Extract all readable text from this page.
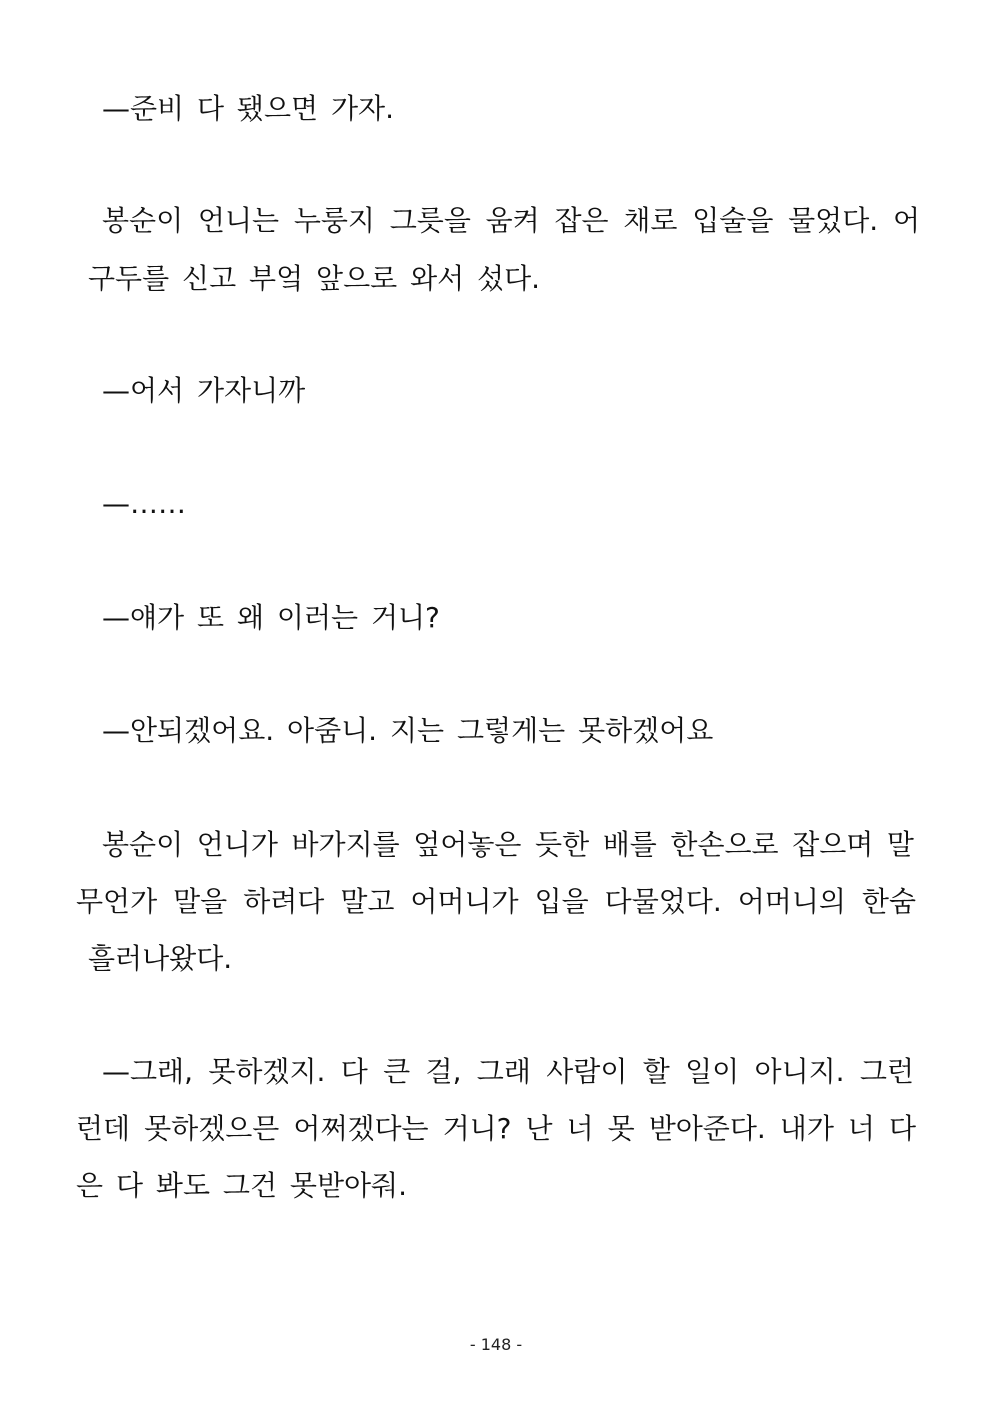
—준비 다 됐으면 가자.
봉순이 언니는 누룽지 그릇을 움켜 잡은 채로 입술을 물었다. 어
구두를 신고 부엌 앞으로 와서 섰다.
—어서 가자니까
—……
—얘가 또 왜 이러는 거니?
—안되겠어요. 아줌니. 지는 그렇게는 못하겠어요
봉순이 언니가 바가지를 엎어놓은 듯한 배를 한손으로 잡으며 말
무언가 말을 하려다 말고 어머니가 입을 다물었다. 어머니의 한숨
흘러나왔다.
—그래, 못하겠지. 다 큰 걸, 그래 사람이 할 일이 아니지. 그런
런데 못하겠으믄 어쩌겠다는 거니? 난 너 못 받아준다. 내가 너 다
은 다 봐도 그건 못받아줘.
- 148 -
